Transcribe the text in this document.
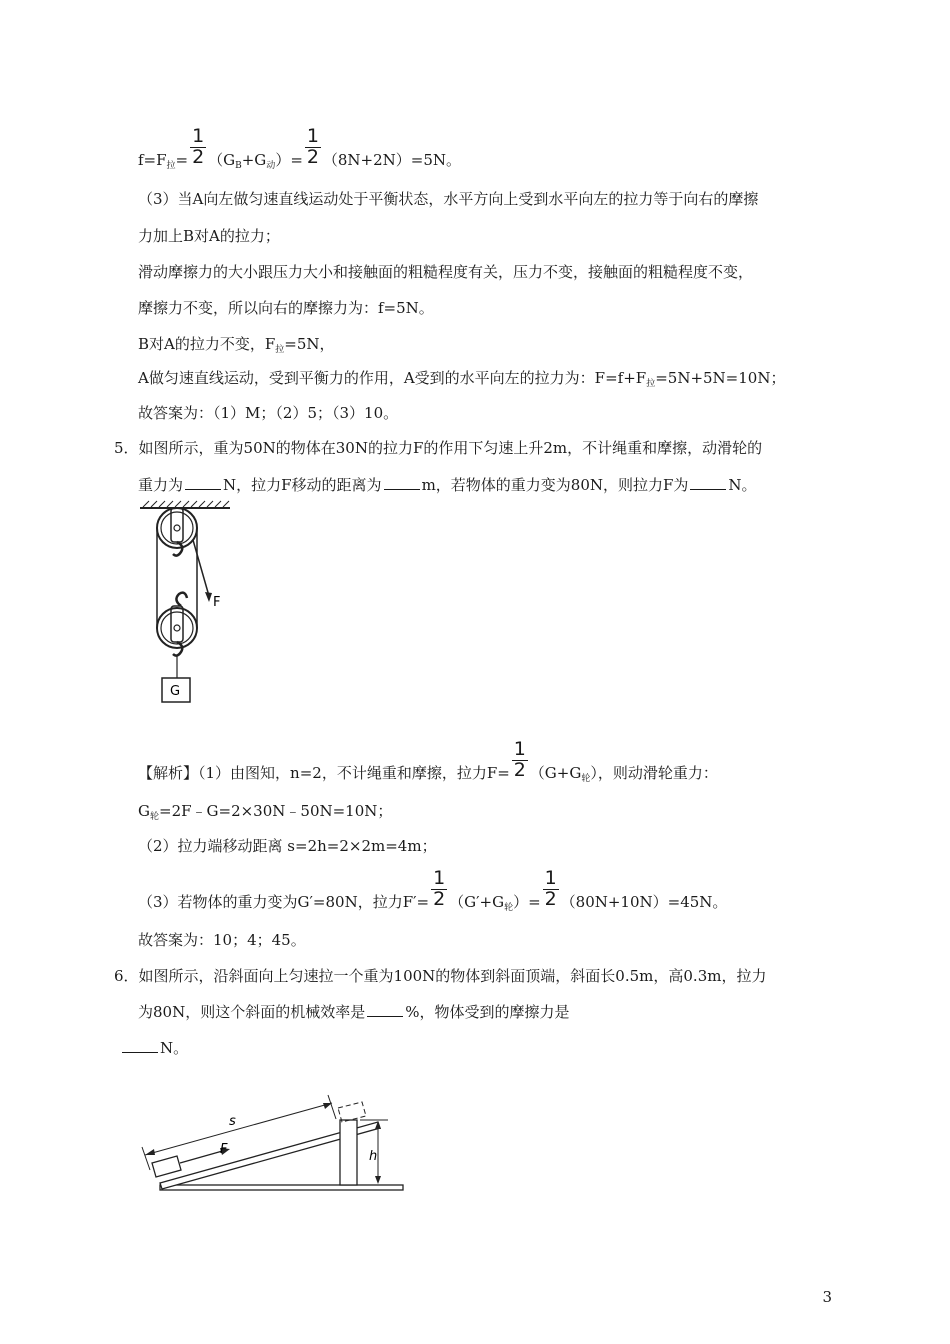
$f=F_拉= \frac{1}{2} (G_B+G_动)= \frac{1}{2} (8N+2N)=5N$。
（3）当A向左做匀速直线运动处于平衡状态，水平方向上受到水平向左的拉力等于向右的摩擦
力加上B对A的拉力；
滑动摩擦力的大小跟压力大小和接触面的粗糙程度有关，压力不变，接触面的粗糙程度不变，
摩擦力不变，所以向右的摩擦力为：f=5N。
B对A的拉力不变，$F_拉=5N$，
A做匀速直线运动，受到平衡力的作用，A受到的水平向左的拉力为：$F=f+F_拉=5N+5N=10N$；
故答案为：（1）M；（2）5；（3）10。
5．如图所示，重为50N的物体在30N的拉力F的作用下匀速上升2m，不计绳重和摩擦，动滑轮的
重力为	N，拉力F移动的距离为	m，若物体的重力变为80N，则拉力F为	N。
F
G
【解析】（1）由图知，n=2，不计绳重和摩擦，拉力$F= \frac{1}{2} (G+G_轮)$，则动滑轮重力：
$G_轮=2F﹣G=2\times 30N﹣50N=10N$；
（2）拉力端移动距离 s=2h=2×2m=4m；
（3）若物体的重力变为G′=80N，拉力$F'= \frac{1}{2} (G'+G_轮)= \frac{1}{2} (80N+10N)=45N$。
故答案为：10；4；45。
6．如图所示，沿斜面向上匀速拉一个重为100N的物体到斜面顶端，斜面长0.5m，高0.3m，拉力
为80N，则这个斜面的机械效率是	%，物体受到的摩擦力是
N。
h
F
s
3
